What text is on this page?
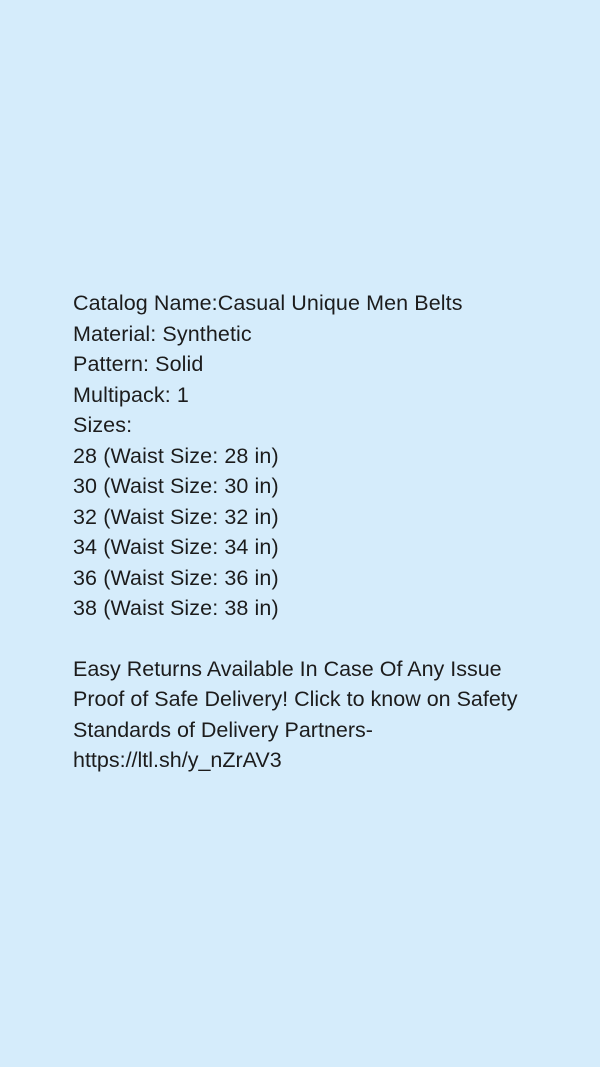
Catalog Name:Casual Unique Men Belts
Material: Synthetic
Pattern: Solid
Multipack: 1
Sizes:
28 (Waist Size: 28 in)
30 (Waist Size: 30 in)
32 (Waist Size: 32 in)
34 (Waist Size: 34 in)
36 (Waist Size: 36 in)
38 (Waist Size: 38 in)
Easy Returns Available In Case Of Any Issue
Proof of Safe Delivery! Click to know on Safety Standards of Delivery Partners- https://ltl.sh/y_nZrAV3
